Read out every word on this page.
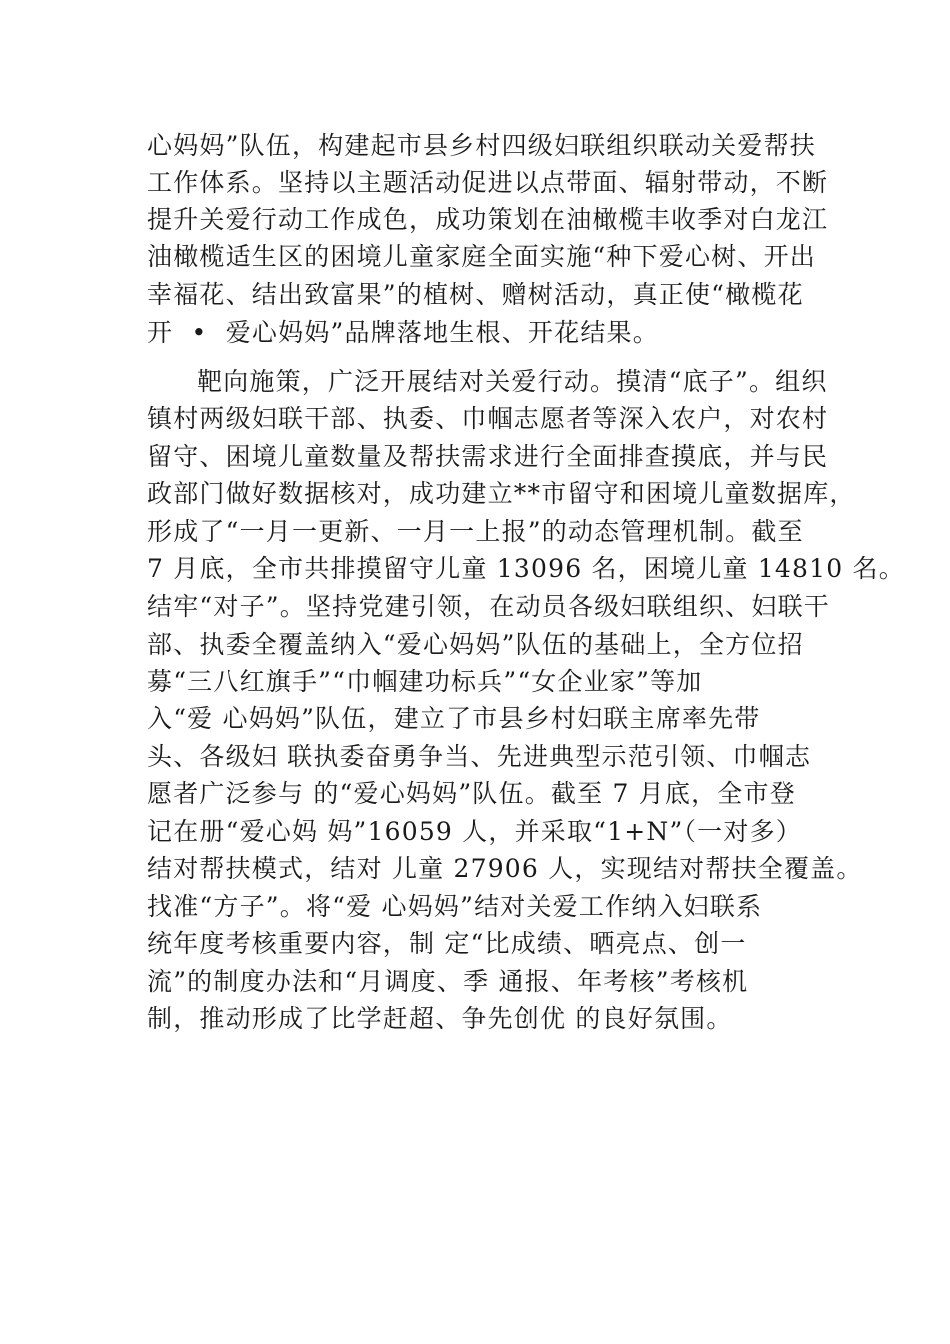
心妈妈”队伍，构建起市县乡村四级妇联组织联动关爱帮扶
工作体系。坚持以主题活动促进以点带面、辐射带动，不断
提升关爱行动工作成色，成功策划在油橄榄丰收季对白龙江
油橄榄适生区的困境儿童家庭全面实施“种下爱心树、开出
幸福花、结出致富果”的植树、赠树活动，真正使“橄榄花
开  •  爱心妈妈”品牌落地生根、开花结果。
靶向施策，广泛开展结对关爱行动。摸清“底子”。组织
镇村两级妇联干部、执委、巾帼志愿者等深入农户，对农村
留守、困境儿童数量及帮扶需求进行全面排查摸底，并与民
政部门做好数据核对，成功建立**市留守和困境儿童数据库，
形成了“一月一更新、一月一上报”的动态管理机制。截至
7 月底，全市共排摸留守儿童 13096 名，困境儿童 14810 名。
结牢“对子”。坚持党建引领，在动员各级妇联组织、妇联干
部、执委全覆盖纳入“爱心妈妈”队伍的基础上，全方位招
募“三八红旗手”“巾帼建功标兵”“女企业家”等加
入“爱 心妈妈”队伍，建立了市县乡村妇联主席率先带
头、各级妇 联执委奋勇争当、先进典型示范引领、巾帼志
愿者广泛参与 的“爱心妈妈”队伍。截至 7 月底，全市登
记在册“爱心妈 妈”16059 人，并采取“1+N”（一对多）
结对帮扶模式，结对 儿童 27906 人，实现结对帮扶全覆盖。
找准“方子”。将“爱 心妈妈”结对关爱工作纳入妇联系
统年度考核重要内容，制 定“比成绩、晒亮点、创一
流”的制度办法和“月调度、季 通报、年考核”考核机
制，推动形成了比学赶超、争先创优 的良好氛围。
